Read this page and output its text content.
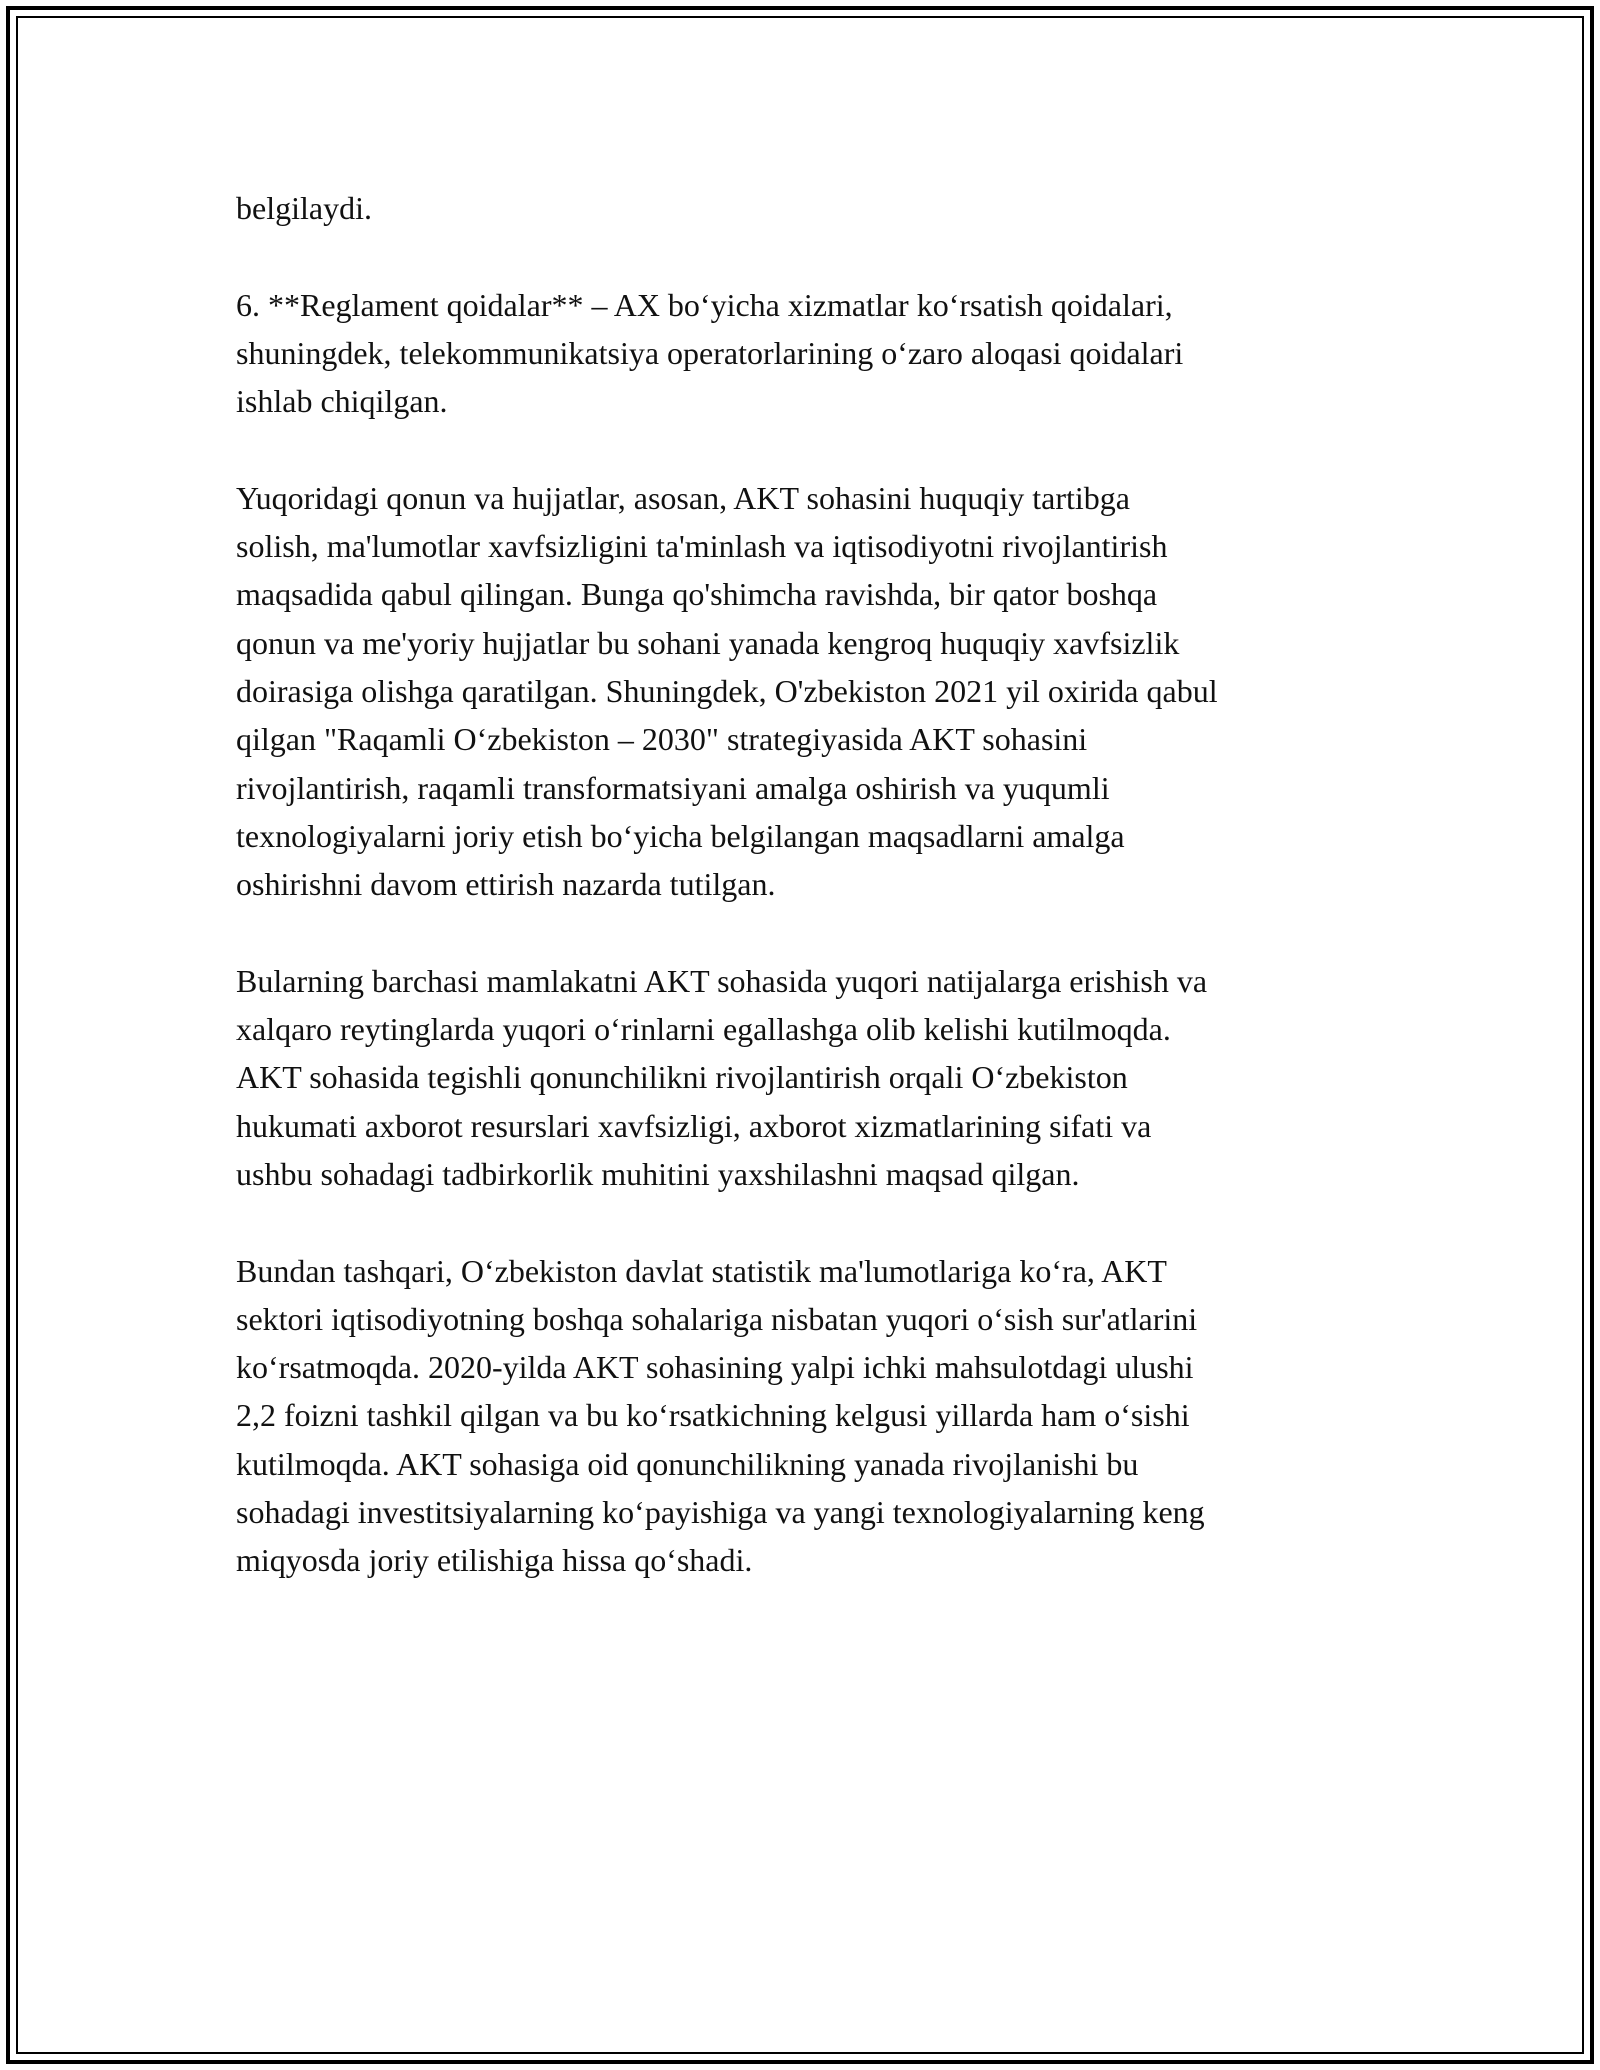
belgilaydi.

6. **Reglament qoidalar** – AX bo‘yicha xizmatlar ko‘rsatish qoidalari,
shuningdek, telekommunikatsiya operatorlarining o‘zaro aloqasi qoidalari
ishlab chiqilgan.

Yuqoridagi qonun va hujjatlar, asosan, AKT sohasini huquqiy tartibga
solish, ma'lumotlar xavfsizligini ta'minlash va iqtisodiyotni rivojlantirish
maqsadida qabul qilingan. Bunga qo'shimcha ravishda, bir qator boshqa
qonun va me'yoriy hujjatlar bu sohani yanada kengroq huquqiy xavfsizlik
doirasiga olishga qaratilgan. Shuningdek, O'zbekiston 2021 yil oxirida qabul
qilgan "Raqamli O‘zbekiston – 2030" strategiyasida AKT sohasini
rivojlantirish, raqamli transformatsiyani amalga oshirish va yuqumli
texnologiyalarni joriy etish bo‘yicha belgilangan maqsadlarni amalga
oshirishni davom ettirish nazarda tutilgan.

Bularning barchasi mamlakatni AKT sohasida yuqori natijalarga erishish va
xalqaro reytinglarda yuqori o‘rinlarni egallashga olib kelishi kutilmoqda.
AKT sohasida tegishli qonunchilikni rivojlantirish orqali O‘zbekiston
hukumati axborot resurslari xavfsizligi, axborot xizmatlarining sifati va
ushbu sohadagi tadbirkorlik muhitini yaxshilashni maqsad qilgan.

Bundan tashqari, O‘zbekiston davlat statistik ma'lumotlariga ko‘ra, AKT
sektori iqtisodiyotning boshqa sohalariga nisbatan yuqori o‘sish sur'atlarini
ko‘rsatmoqda. 2020-yilda AKT sohasining yalpi ichki mahsulotdagi ulushi
2,2 foizni tashkil qilgan va bu ko‘rsatkichning kelgusi yillarda ham o‘sishi
kutilmoqda. AKT sohasiga oid qonunchilikning yanada rivojlanishi bu
sohadagi investitsiyalarning ko‘payishiga va yangi texnologiyalarning keng
miqyosda joriy etilishiga hissa qo‘shadi.
